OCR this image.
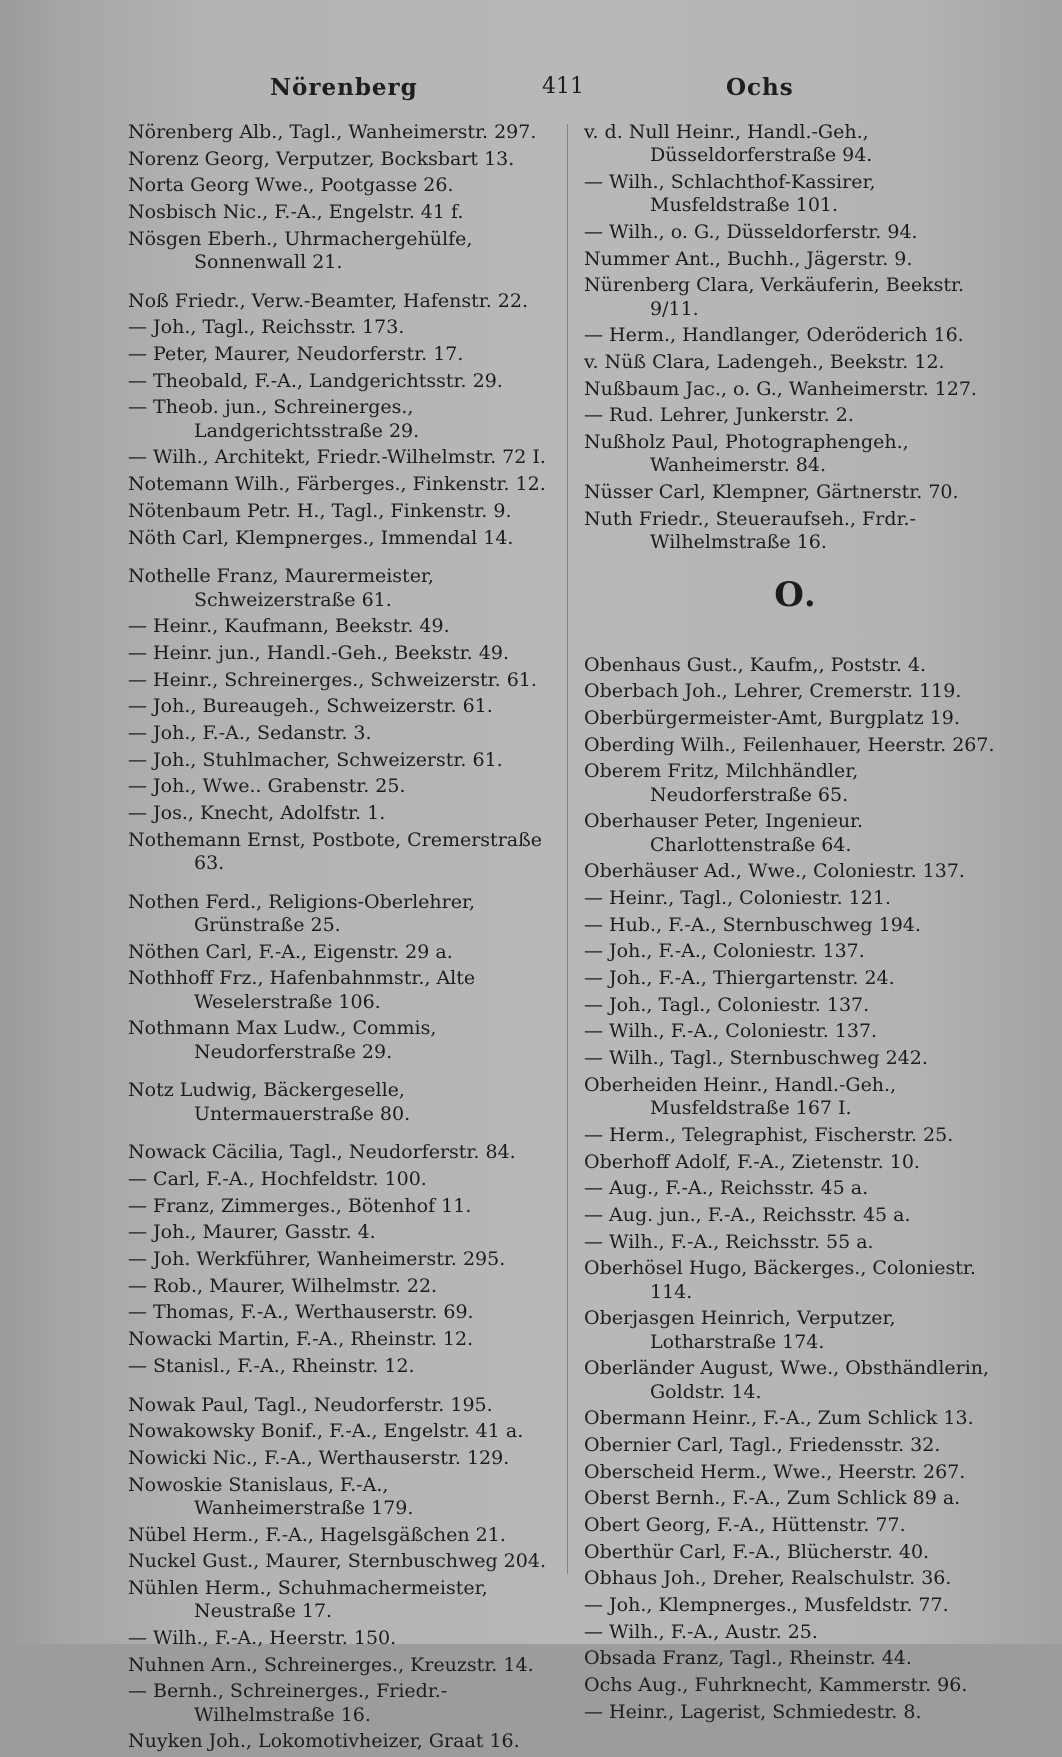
Nörenberg	411	Ochs
Nörenberg Alb., Tagl., Wanheimerstr. 297.
Norenz Georg, Verputzer, Bocksbart 13.
Norta Georg Wwe., Pootgasse 26.
Nosbisch Nic., F.-A., Engelstr. 41 f.
Nösgen Eberh., Uhrmachergehülfe, Sonnenwall 21.
Noß Friedr., Verw.-Beamter, Hafenstr. 22.
— Joh., Tagl., Reichsstr. 173.
— Peter, Maurer, Neudorferstr. 17.
— Theobald, F.-A., Landgerichtsstr. 29.
— Theob. jun., Schreinerges., Landgerichtsstraße 29.
— Wilh., Architekt, Friedr.-Wilhelmstr. 72 I.
Notemann Wilh., Färberges., Finkenstr. 12.
Nötenbaum Petr. H., Tagl., Finkenstr. 9.
Nöth Carl, Klempnerges., Immendal 14.
Nothelle Franz, Maurermeister, Schweizerstraße 61.
— Heinr., Kaufmann, Beekstr. 49.
— Heinr. jun., Handl.-Geh., Beekstr. 49.
— Heinr., Schreinerges., Schweizerstr. 61.
— Joh., Bureaugeh., Schweizerstr. 61.
— Joh., F.-A., Sedanstr. 3.
— Joh., Stuhlmacher, Schweizerstr. 61.
— Joh., Wwe.. Grabenstr. 25.
— Jos., Knecht, Adolfstr. 1.
Nothemann Ernst, Postbote, Cremerstraße 63.
Nothen Ferd., Religions-Oberlehrer, Grünstraße 25.
Nöthen Carl, F.-A., Eigenstr. 29 a.
Nothhoff Frz., Hafenbahnmstr., Alte Weselerstraße 106.
Nothmann Max Ludw., Commis, Neudorferstraße 29.
Notz Ludwig, Bäckergeselle, Untermauerstraße 80.
Nowack Cäcilia, Tagl., Neudorferstr. 84.
— Carl, F.-A., Hochfeldstr. 100.
— Franz, Zimmerges., Bötenhof 11.
— Joh., Maurer, Gasstr. 4.
— Joh. Werkführer, Wanheimerstr. 295.
— Rob., Maurer, Wilhelmstr. 22.
— Thomas, F.-A., Werthauserstr. 69.
Nowacki Martin, F.-A., Rheinstr. 12.
— Stanisl., F.-A., Rheinstr. 12.
Nowak Paul, Tagl., Neudorferstr. 195.
Nowakowsky Bonif., F.-A., Engelstr. 41 a.
Nowicki Nic., F.-A., Werthauserstr. 129.
Nowoskie Stanislaus, F.-A., Wanheimerstraße 179.
Nübel Herm., F.-A., Hagelsgäßchen 21.
Nuckel Gust., Maurer, Sternbuschweg 204.
Nühlen Herm., Schuhmachermeister, Neustraße 17.
— Wilh., F.-A., Heerstr. 150.
Nuhnen Arn., Schreinerges., Kreuzstr. 14.
— Bernh., Schreinerges., Friedr.-Wilhelmstraße 16.
Nuyken Joh., Lokomotivheizer, Graat 16.
v. d. Null Heinr., Handl.-Geh., Düsseldorferstraße 94.
— Wilh., Schlachthof-Kassirer, Musfeldstraße 101.
— Wilh., o. G., Düsseldorferstr. 94.
Nummer Ant., Buchh., Jägerstr. 9.
Nürenberg Clara, Verkäuferin, Beekstr. 9/11.
— Herm., Handlanger, Oderöderich 16.
v. Nüß Clara, Ladengeh., Beekstr. 12.
Nußbaum Jac., o. G., Wanheimerstr. 127.
— Rud. Lehrer, Junkerstr. 2.
Nußholz Paul, Photographengeh., Wanheimerstr. 84.
Nüsser Carl, Klempner, Gärtnerstr. 70.
Nuth Friedr., Steueraufseh., Frdr.-Wilhelmstraße 16.
O.
Obenhaus Gust., Kaufm,, Poststr. 4.
Oberbach Joh., Lehrer, Cremerstr. 119.
Oberbürgermeister-Amt, Burgplatz 19.
Oberding Wilh., Feilenhauer, Heerstr. 267.
Oberem Fritz, Milchhändler, Neudorferstraße 65.
Oberhauser Peter, Ingenieur. Charlottenstraße 64.
Oberhäuser Ad., Wwe., Coloniestr. 137.
— Heinr., Tagl., Coloniestr. 121.
— Hub., F.-A., Sternbuschweg 194.
— Joh., F.-A., Coloniestr. 137.
— Joh., F.-A., Thiergartenstr. 24.
— Joh., Tagl., Coloniestr. 137.
— Wilh., F.-A., Coloniestr. 137.
— Wilh., Tagl., Sternbuschweg 242.
Oberheiden Heinr., Handl.-Geh., Musfeldstraße 167 I.
— Herm., Telegraphist, Fischerstr. 25.
Oberhoff Adolf, F.-A., Zietenstr. 10.
— Aug., F.-A., Reichsstr. 45 a.
— Aug. jun., F.-A., Reichsstr. 45 a.
— Wilh., F.-A., Reichsstr. 55 a.
Oberhösel Hugo, Bäckerges., Coloniestr. 114.
Oberjasgen Heinrich, Verputzer, Lotharstraße 174.
Oberländer August, Wwe., Obsthändlerin, Goldstr. 14.
Obermann Heinr., F.-A., Zum Schlick 13.
Obernier Carl, Tagl., Friedensstr. 32.
Oberscheid Herm., Wwe., Heerstr. 267.
Oberst Bernh., F.-A., Zum Schlick 89 a.
Obert Georg, F.-A., Hüttenstr. 77.
Oberthür Carl, F.-A., Blücherstr. 40.
Obhaus Joh., Dreher, Realschulstr. 36.
— Joh., Klempnerges., Musfeldstr. 77.
— Wilh., F.-A., Austr. 25.
Obsada Franz, Tagl., Rheinstr. 44.
Ochs Aug., Fuhrknecht, Kammerstr. 96.
— Heinr., Lagerist, Schmiedestr. 8.
